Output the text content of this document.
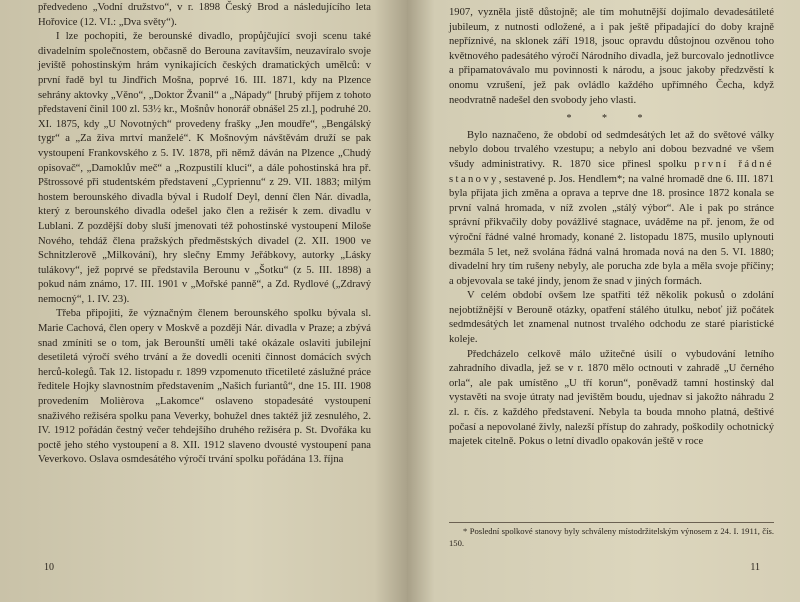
předvedeno „Vodní družstvo“, v r. 1898 Český Brod a následujícího leta Hořovice (12. VI.: „Dva světy“).

I lze pochopiti, že berounské divadlo, propůjčující svoji scenu také divadelním společnostem, občasně do Berouna zavítavším, neuzavíralo svoje jeviště pohostinským hrám vynikajících českých dramatických umělců: v první řadě byl tu Jindřich Mošna, poprvé 16. III. 1871, kdy na Plzence sehrány aktovky „Věno“, „Doktor Žvanil“ a „Nápady“ [hrubý příjem z tohoto představení činil 100 zl. 53½ kr., Mošnův honorář obnášel 25 zl.], podruhé 20. XI. 1875, kdy „U Novotných“ provedeny frašky „Jen moudře“, „Bengálský tygr“ a „Za živa mrtví manželé“. K Mošnovým návštěvám druží se pak vystoupení Frankovského z 5. IV. 1878, při němž dáván na Plzence „Chudý opisovač“, „Damoklův meč“ a „Rozpustilí kluci“, a dále pohostinská hra př. Pštrossové při studentském představení „Cypriennu“ z 29. VII. 1883; milým hostem berounského divadla býval i Rudolf Deyl, denní člen Nár. divadla, který z berounského divadla odešel jako člen a režisér k zem. divadlu v Lublani. Z pozdější doby sluší jmenovati též pohostinské vystoupení Miloše Nového, tehdáž člena pražských předměstských divadel (2. XII. 1900 ve Schnitzlerově „Milkování), hry slečny Emmy Jeřábkovy, autorky „Lásky tulákovy“, jež poprvé se představila Berounu v „Šotku“ (z 5. III. 1898) a pokud nám známo, 17. III. 1901 v „Mořské panně“, a Zd. Rydlové („Zdravý nemocný“, 1. IV. 23).

Třeba připojiti, že význačným členem berounského spolku bývala sl. Marie Cachová, člen opery v Moskvě a později Nár. divadla v Praze; a zbývá snad zmíniti se o tom, jak Berounští uměli také okázale oslaviti jubilejní desetiletá výročí svého trvání a že dovedli oceniti činnost domácích svých herců-kolegů. Tak 12. listopadu r. 1899 vzpomenuto třicetileté záslužné práce ředitele Hojky slavnostním představením „Našich furiantů“, dne 15. III. 1908 provedením Molièrova „Lakomce“ oslaveno stopadesáté vystoupení snaživého režiséra spolku pana Veverky, bohužel dnes taktéž již zesnulého, 2. IV. 1912 pořádán čestný večer tehdejšího druhého režiséra p. St. Dvořáka ku poctě jeho stého vystoupení a 8. XII. 1912 slaveno dvousté vystoupení pana Veverkovo. Oslava osmdesátého výročí trvání spolku pořádána 13. října

10

1907, vyzněla jistě důstojně; ale tím mohutnější dojímalo devadesátileté jubileum, z nutnosti odložené, a i pak ještě připadající do doby krajně nepříznivé, na sklonek září 1918, jsouc opravdu důstojnou ozvěnou toho květnového padesátého výročí Národního divadla, jež burcovalo jednotlivce a připamatovávalo mu povinnosti k národu, a jsouc jakoby předzvěstí k onomu vzrušení, jež pak ovládlo každého upřímného Čecha, když neodvratně nadešel den svobody jeho vlasti.

* * *

Bylo naznačeno, že období od sedmdesátých let až do světové války nebylo dobou trvalého vzestupu; a nebylo ani dobou bezvadné ve všem všudy administrativy. R. 1870 sice přinesl spolku první řádné stanovy, sestavené p. Jos. Hendlem*; na valné hromadě dne 6. III. 1871 byla přijata jich změna a oprava a teprve dne 18. prosince 1872 konala se první valná hromada, v níž zvolen „stálý výbor“. Ale i pak po stránce správní přikvačily doby povážlivé stagnace, uváděme na př. jenom, že od výroční řádné valné hromady, konané 2. listopadu 1875, musilo uplynouti bezmála 5 let, než svolána řádná valná hromada nová na den 5. VI. 1880; divadelní hry tím rušeny nebyly, ale porucha zde byla a měla svoje příčiny; a objevovala se také jindy, jenom že snad v jiných formách.

V celém období ovšem lze spatřiti též několik pokusů o zdolání nejobtížnější v Berouně otázky, opatření stálého útulku, neboť již počátek sedmdesátých let znamenal nutnost trvalého odchodu ze staré piaristické koleje.

Předcházelo celkově málo užitečné úsilí o vybudování letního zahradního divadla, jež se v r. 1870 mělo octnouti v zahradě „U černého orla“, ale pak umístěno „U tří korun“, poněvadž tamní hostinský dal vystavěti na svoje útraty nad jevištěm boudu, ujednav si jakožto náhradu 2 zl. r. čís. z každého představení. Nebyla ta bouda mnoho platná, deštivé počasí a nepovolané živly, nalezší přístup do zahrady, poškodily ochotnický majetek citelně. Pokus o letní divadlo opakován ještě v roce

* Poslední spolkové stanovy byly schváleny místodržitelským výnosem z 24. I. 1911, čís. 150.

11
